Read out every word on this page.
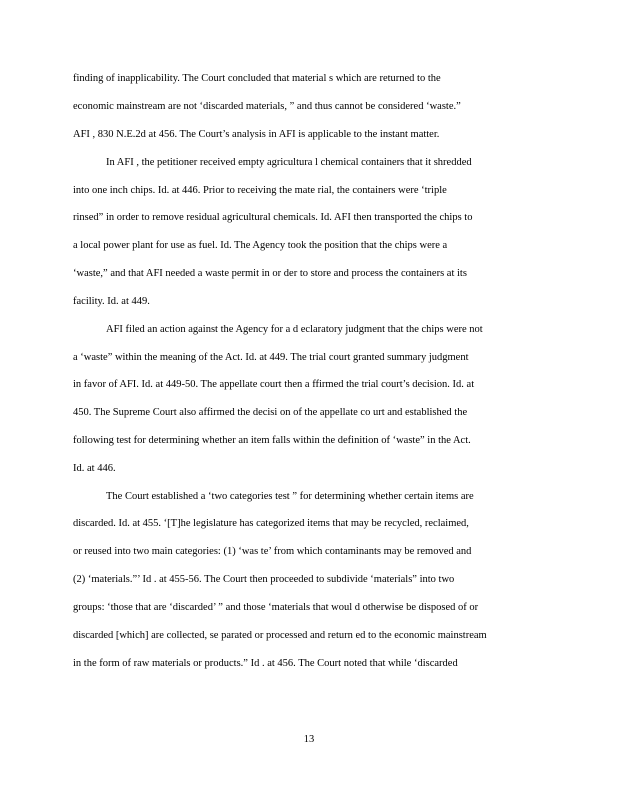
finding of inapplicability. The Court concluded that material s which are returned to the
economic mainstream are not ‘discarded materials, ” and thus cannot be considered ‘waste.”
AFI , 830 N.E.2d at 456. The Court’s analysis in AFI is applicable to the instant matter.
In AFI , the petitioner received empty agricultura l chemical containers that it shredded
into one inch chips. Id. at 446. Prior to receiving the mate rial, the containers were ‘triple
rinsed” in order to remove residual agricultural chemicals. Id. AFI then transported the chips to
a local power plant for use as fuel. Id. The Agency took the position that the chips were a
‘waste,” and that AFI needed a waste permit in or der to store and process the containers at its
facility. Id. at 449.
AFI filed an action against the Agency for a d eclaratory judgment that the chips were not
a ‘waste” within the meaning of the Act. Id. at 449. The trial court granted summary judgment
in favor of AFI. Id. at 449-50. The appellate court then a ffirmed the trial court’s decision. Id. at
450. The Supreme Court also affirmed the decisi on of the appellate co urt and established the
following test for determining whether an item falls within the definition of ‘waste” in the Act.
Id. at 446.
The Court established a ‘two categories test ” for determining whether certain items are
discarded. Id. at 455. ‘[T]he legislature has categorized items that may be recycled, reclaimed,
or reused into two main categories: (1) ‘was te’ from which contaminants may be removed and
(2) ‘materials.”’ Id . at 455-56. The Court then proceeded to subdivide ‘materials” into two
groups: ‘those that are ‘discarded’ ” and those ‘materials that woul d otherwise be disposed of or
discarded [which] are collected, se parated or processed and return ed to the economic mainstream
in the form of raw materials or products.” Id . at 456. The Court noted that while ‘discarded
13
